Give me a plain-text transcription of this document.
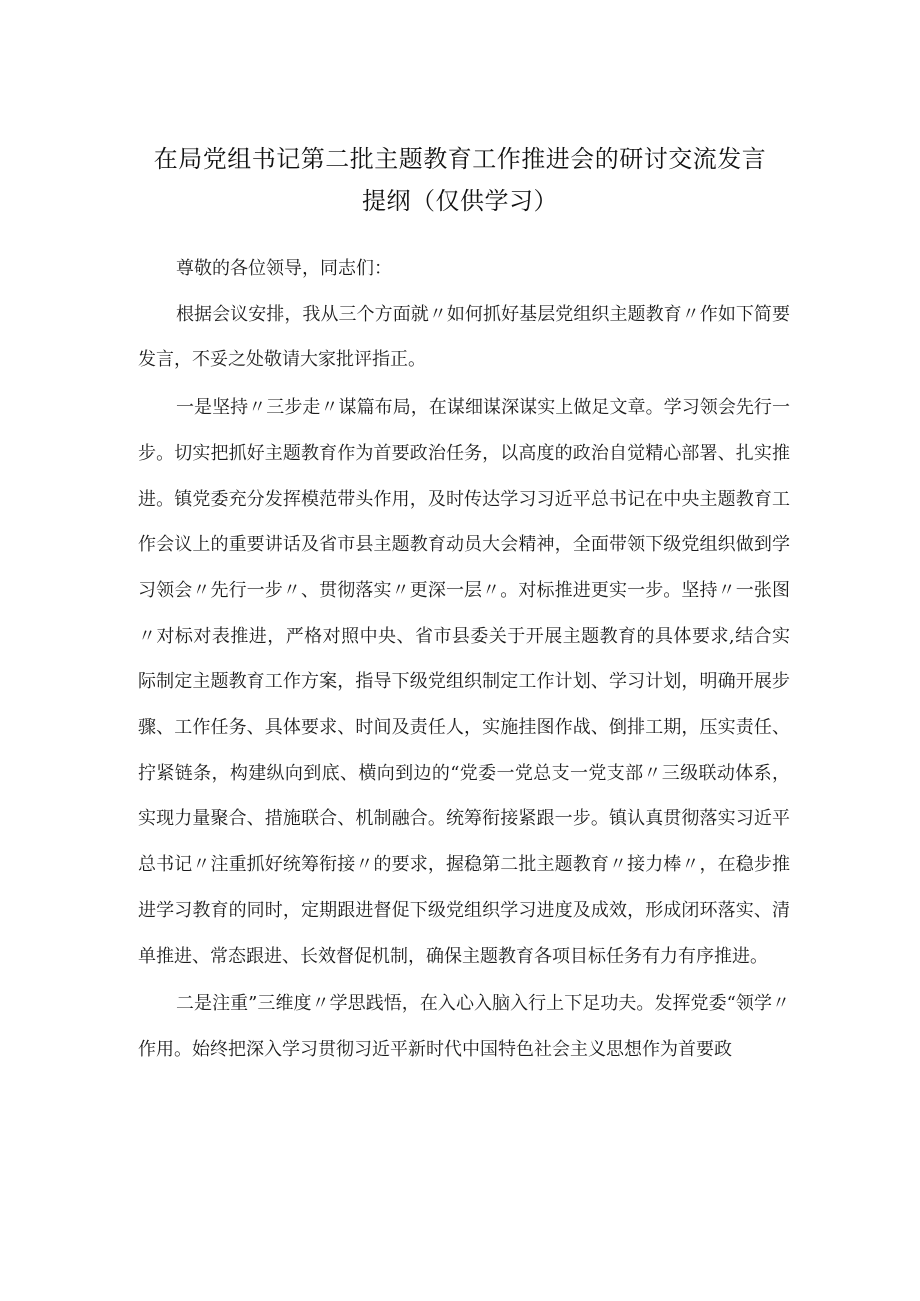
在局党组书记第二批主题教育工作推进会的研讨交流发言
提纲（仅供学习）

尊敬的各位领导，同志们：

根据会议安排，我从三个方面就〃如何抓好基层党组织主题教育〃作如下简要发言，不妥之处敬请大家批评指正。

一是坚持〃三步走〃谋篇布局，在谋细谋深谋实上做足文章。学习领会先行一步。切实把抓好主题教育作为首要政治任务，以高度的政治自觉精心部署、扎实推进。镇党委充分发挥模范带头作用，及时传达学习习近平总书记在中央主题教育工作会议上的重要讲话及省市县主题教育动员大会精神，全面带领下级党组织做到学习领会〃先行一步〃、贯彻落实〃更深一层〃。对标推进更实一步。坚持〃一张图〃对标对表推进，严格对照中央、省市县委关于开展主题教育的具体要求,结合实际制定主题教育工作方案，指导下级党组织制定工作计划、学习计划，明确开展步骤、工作任务、具体要求、时间及责任人，实施挂图作战、倒排工期，压实责任、拧紧链条，构建纵向到底、横向到边的“党委一党总支一党支部〃三级联动体系，实现力量聚合、措施联合、机制融合。统筹衔接紧跟一步。镇认真贯彻落实习近平总书记〃注重抓好统筹衔接〃的要求，握稳第二批主题教育〃接力棒〃，在稳步推进学习教育的同时，定期跟进督促下级党组织学习进度及成效，形成闭环落实、清单推进、常态跟进、长效督促机制，确保主题教育各项目标任务有力有序推进。

二是注重”三维度〃学思践悟，在入心入脑入行上下足功夫。发挥党委“领学〃作用。始终把深入学习贯彻习近平新时代中国特色社会主义思想作为首要政
